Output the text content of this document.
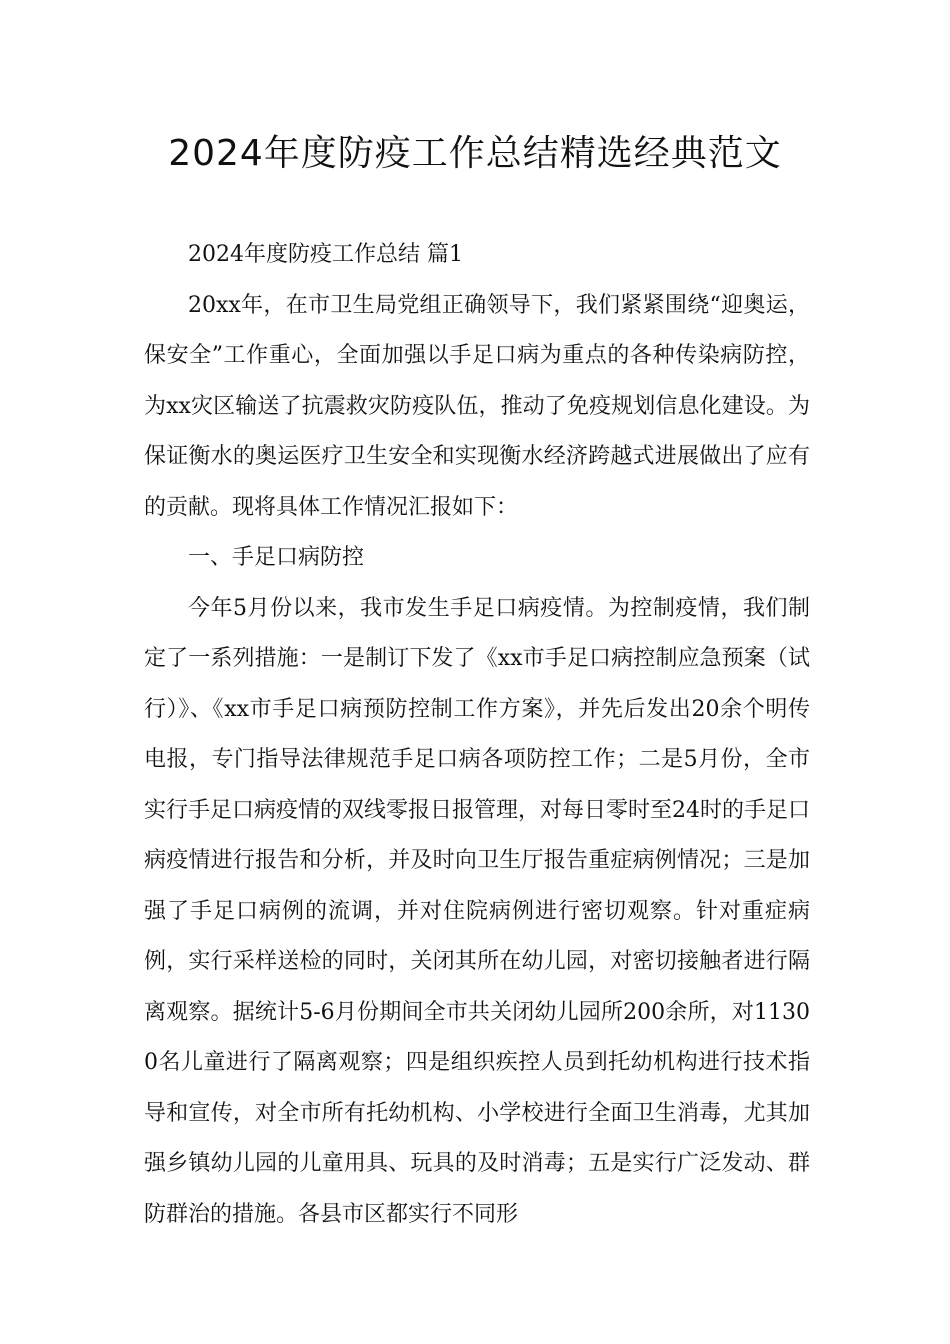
2024年度防疫工作总结精选经典范文

2024年度防疫工作总结 篇1

20xx年，在市卫生局党组正确领导下，我们紧紧围绕“迎奥运，保安全”工作重心，全面加强以手足口病为重点的各种传染病防控，为xx灾区输送了抗震救灾防疫队伍，推动了免疫规划信息化建设。为保证衡水的奥运医疗卫生安全和实现衡水经济跨越式进展做出了应有的贡献。现将具体工作情况汇报如下：

一、手足口病防控

今年5月份以来，我市发生手足口病疫情。为控制疫情，我们制定了一系列措施：一是制订下发了《xx市手足口病控制应急预案（试行）》、《xx市手足口病预防控制工作方案》，并先后发出20余个明传电报，专门指导法律规范手足口病各项防控工作；二是5月份，全市实行手足口病疫情的双线零报日报管理，对每日零时至24时的手足口病疫情进行报告和分析，并及时向卫生厅报告重症病例情况；三是加强了手足口病例的流调，并对住院病例进行密切观察。针对重症病例，实行采样送检的同时，关闭其所在幼儿园，对密切接触者进行隔离观察。据统计5-6月份期间全市共关闭幼儿园所200余所，对11300名儿童进行了隔离观察；四是组织疾控人员到托幼机构进行技术指导和宣传，对全市所有托幼机构、小学校进行全面卫生消毒，尤其加强乡镇幼儿园的儿童用具、玩具的及时消毒；五是实行广泛发动、群防群治的措施。各县市区都实行不同形
